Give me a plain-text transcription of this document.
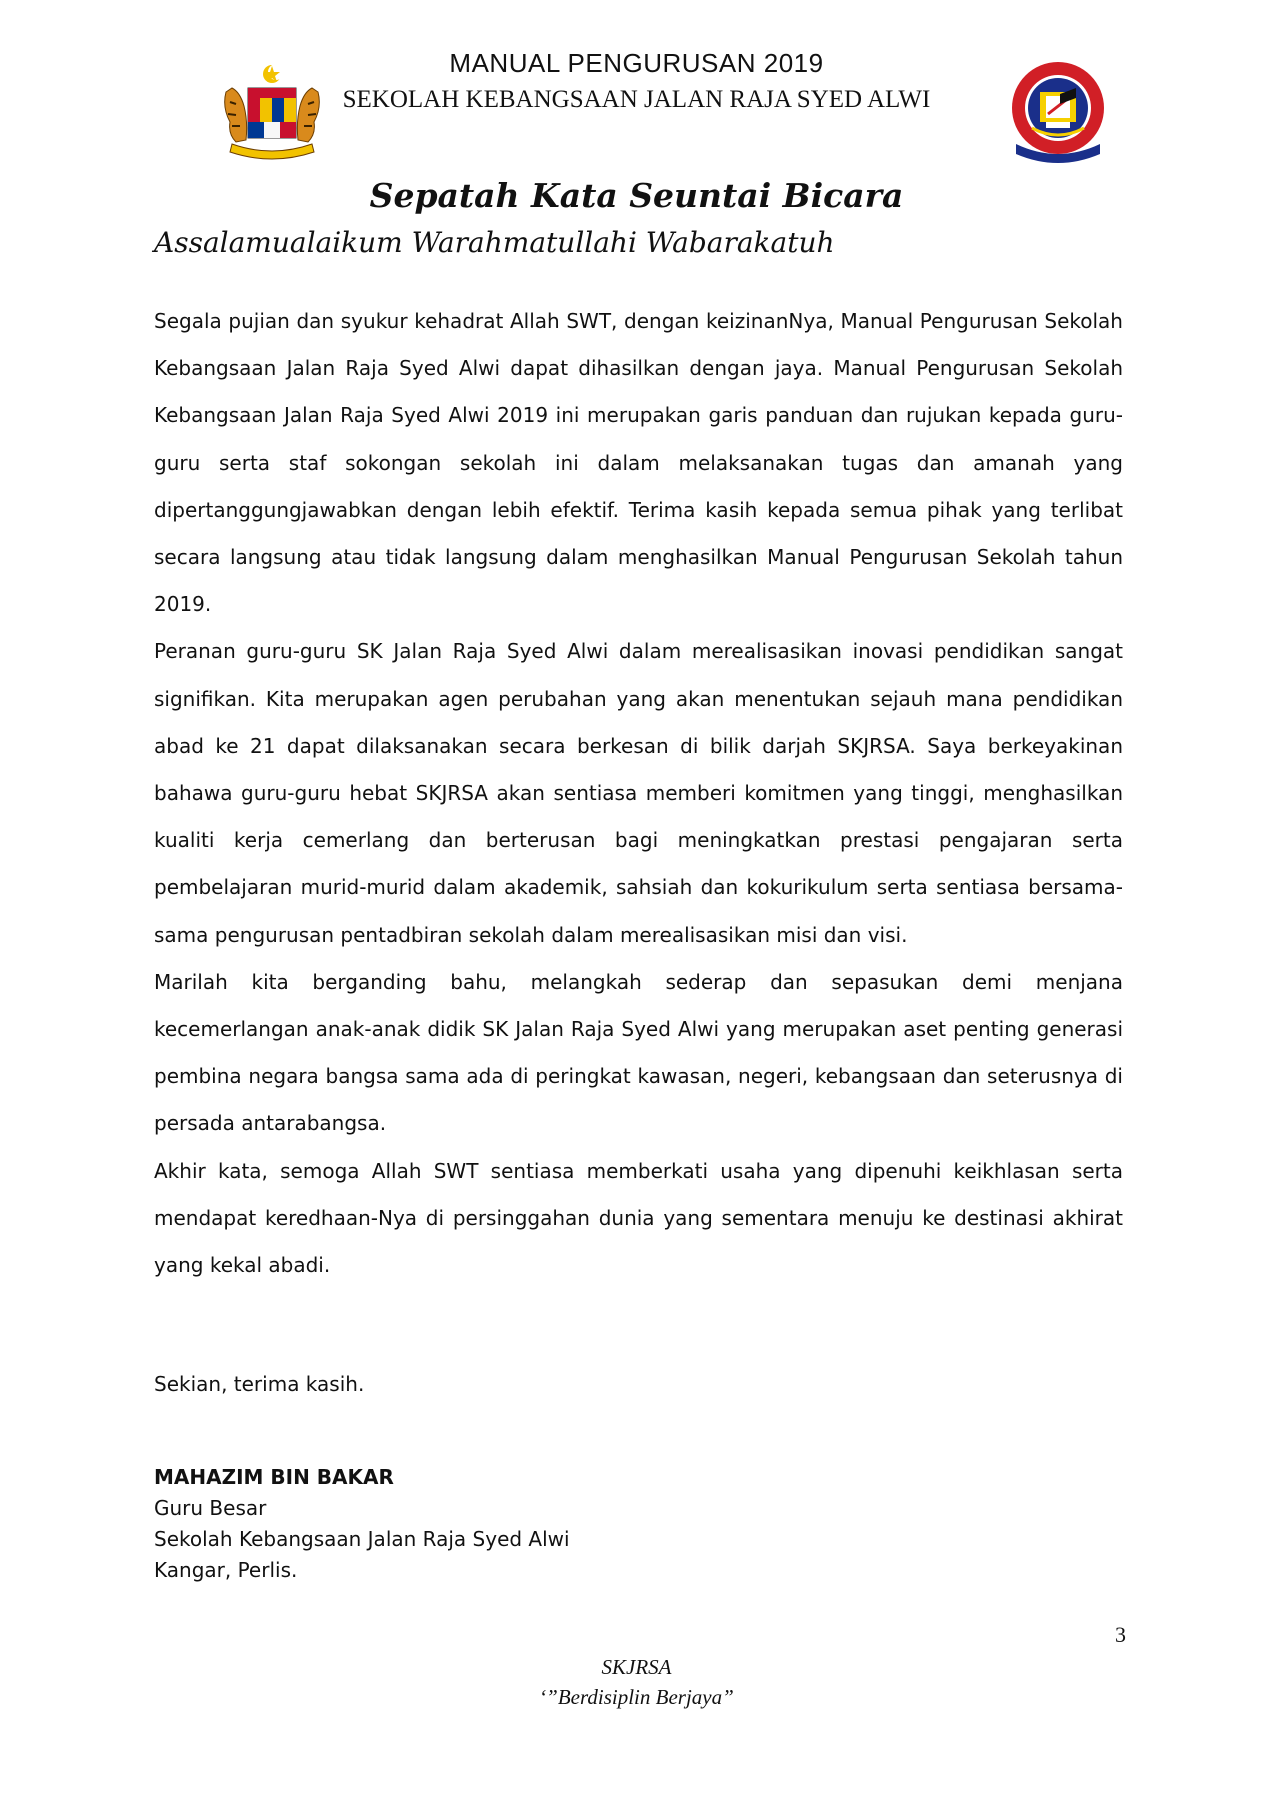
MANUAL PENGURUSAN 2019
SEKOLAH KEBANGSAAN JALAN RAJA SYED ALWI
Sepatah Kata Seuntai Bicara
Assalamualaikum Warahmatullahi Wabarakatuh

Segala pujian dan syukur kehadrat Allah SWT, dengan keizinanNya, Manual Pengurusan Sekolah Kebangsaan Jalan Raja Syed Alwi dapat dihasilkan dengan jaya. Manual Pengurusan Sekolah Kebangsaan Jalan Raja Syed Alwi 2019 ini merupakan garis panduan dan rujukan kepada guru-guru serta staf sokongan sekolah ini dalam melaksanakan tugas dan amanah yang dipertanggungjawabkan dengan lebih efektif. Terima kasih kepada semua pihak yang terlibat secara langsung atau tidak langsung dalam menghasilkan Manual Pengurusan Sekolah tahun 2019.

Peranan guru-guru SK Jalan Raja Syed Alwi dalam merealisasikan inovasi pendidikan sangat signifikan. Kita merupakan agen perubahan yang akan menentukan sejauh mana pendidikan abad ke 21 dapat dilaksanakan secara berkesan di bilik darjah SKJRSA. Saya berkeyakinan bahawa guru-guru hebat SKJRSA akan sentiasa memberi komitmen yang tinggi, menghasilkan kualiti kerja cemerlang dan berterusan bagi meningkatkan prestasi pengajaran serta pembelajaran murid-murid dalam akademik, sahsiah dan kokurikulum serta sentiasa bersama-sama pengurusan pentadbiran sekolah dalam merealisasikan misi dan visi.

Marilah kita berganding bahu, melangkah sederap dan sepasukan demi menjana kecemerlangan anak-anak didik SK Jalan Raja Syed Alwi yang merupakan aset penting generasi pembina negara bangsa sama ada di peringkat kawasan, negeri, kebangsaan dan seterusnya di persada antarabangsa.

Akhir kata, semoga Allah SWT sentiasa memberkati usaha yang dipenuhi keikhlasan serta mendapat keredhaan-Nya di persinggahan dunia yang sementara menuju ke destinasi akhirat yang kekal abadi.

Sekian, terima kasih.
MAHAZIM BIN BAKAR
Guru Besar
Sekolah Kebangsaan Jalan Raja Syed Alwi
Kangar, Perlis.
3
SKJRSA
‘”Berdisiplin Berjaya”
